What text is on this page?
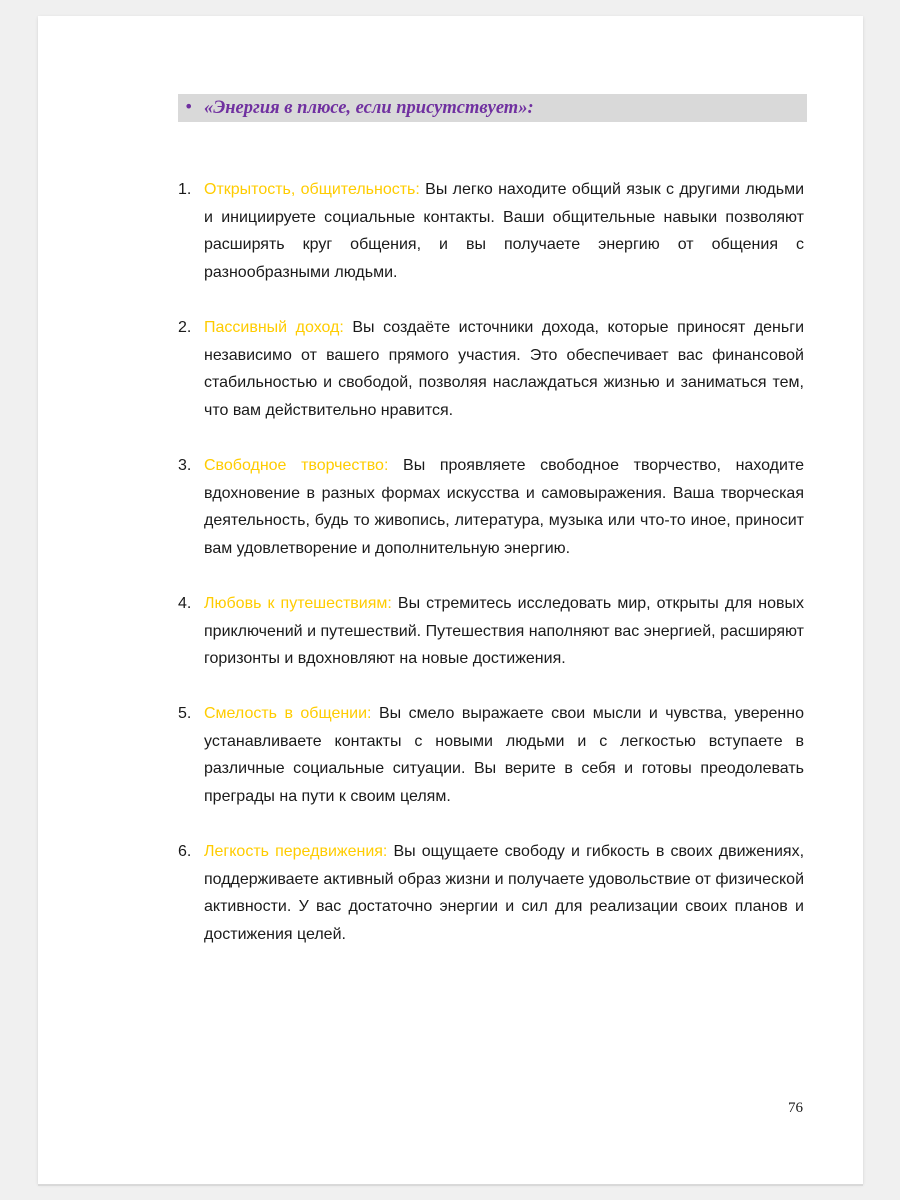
• «Энергия в плюсе, если присутствует»:
1. Открытость, общительность: Вы легко находите общий язык с другими людьми и инициируете социальные контакты. Ваши общительные навыки позволяют расширять круг общения, и вы получаете энергию от общения с разнообразными людьми.
2. Пассивный доход: Вы создаёте источники дохода, которые приносят деньги независимо от вашего прямого участия. Это обеспечивает вас финансовой стабильностью и свободой, позволяя наслаждаться жизнью и заниматься тем, что вам действительно нравится.
3. Свободное творчество: Вы проявляете свободное творчество, находите вдохновение в разных формах искусства и самовыражения. Ваша творческая деятельность, будь то живопись, литература, музыка или что-то иное, приносит вам удовлетворение и дополнительную энергию.
4. Любовь к путешествиям: Вы стремитесь исследовать мир, открыты для новых приключений и путешествий. Путешествия наполняют вас энергией, расширяют горизонты и вдохновляют на новые достижения.
5. Смелость в общении: Вы смело выражаете свои мысли и чувства, уверенно устанавливаете контакты с новыми людьми и с легкостью вступаете в различные социальные ситуации. Вы верите в себя и готовы преодолевать преграды на пути к своим целям.
6. Легкость передвижения: Вы ощущаете свободу и гибкость в своих движениях, поддерживаете активный образ жизни и получаете удовольствие от физической активности. У вас достаточно энергии и сил для реализации своих планов и достижения целей.
76
